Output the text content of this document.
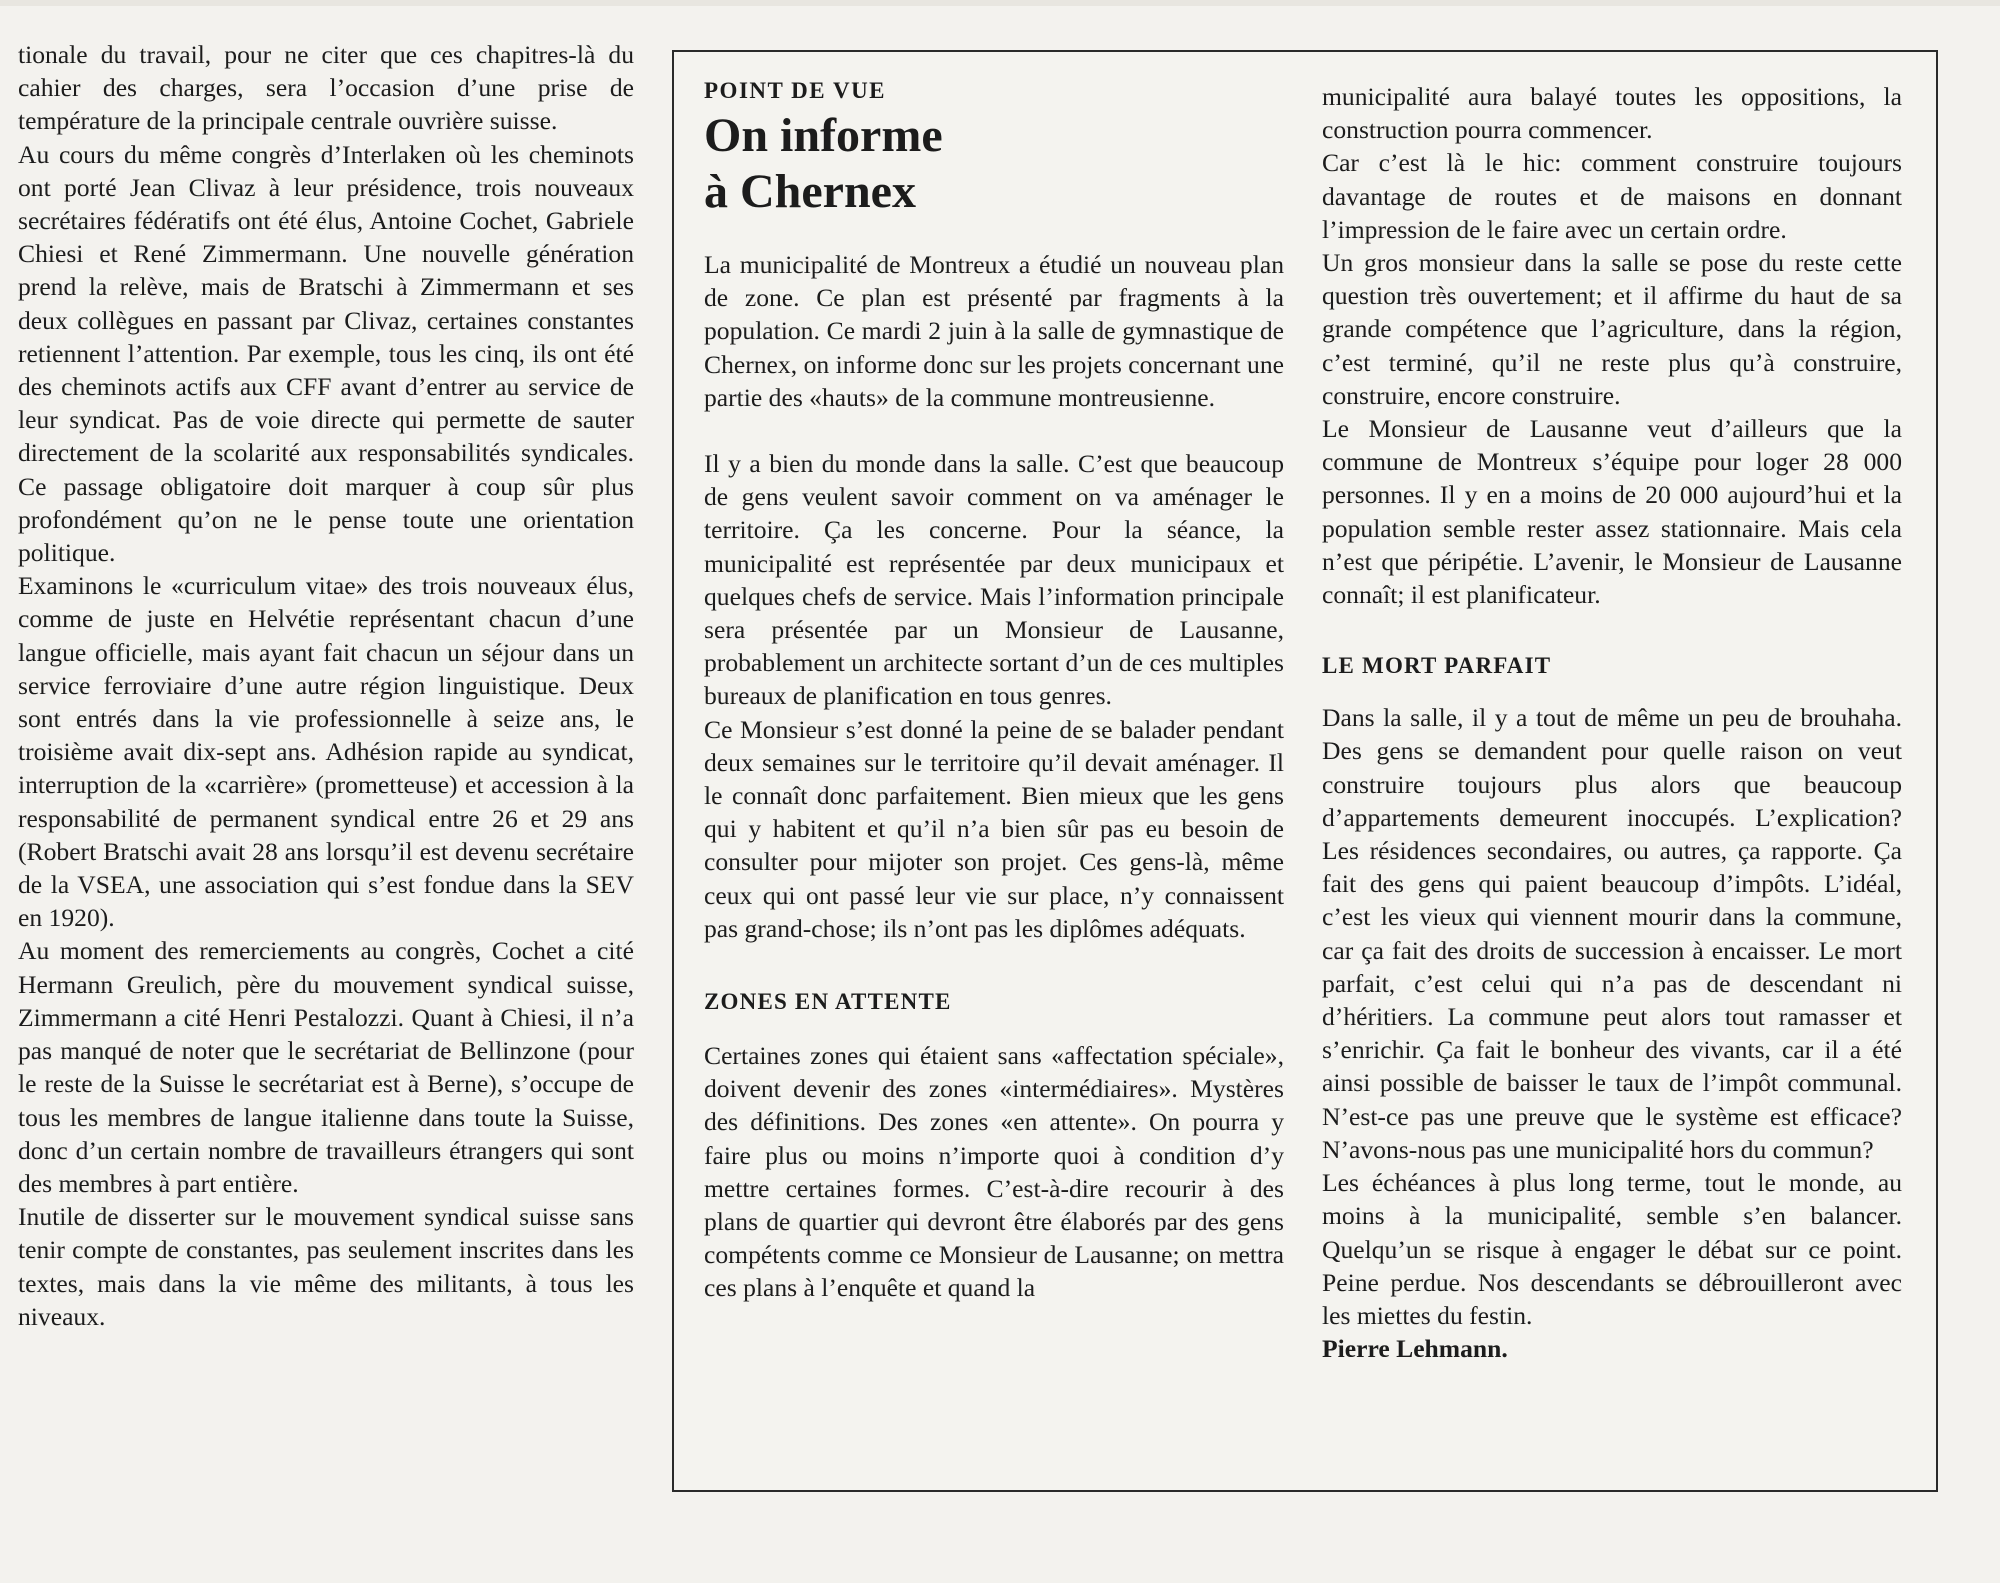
tionale du travail, pour ne citer que ces chapitres-là du cahier des charges, sera l’occasion d’une prise de température de la principale centrale ouvrière suisse.

Au cours du même congrès d’Interlaken où les cheminots ont porté Jean Clivaz à leur présidence, trois nouveaux secrétaires fédératifs ont été élus, Antoine Cochet, Gabriele Chiesi et René Zimmermann. Une nouvelle génération prend la relève, mais de Bratschi à Zimmermann et ses deux collègues en passant par Clivaz, certaines constantes retiennent l’attention. Par exemple, tous les cinq, ils ont été des cheminots actifs aux CFF avant d’entrer au service de leur syndicat. Pas de voie directe qui permette de sauter directement de la scolarité aux responsabilités syndicales. Ce passage obligatoire doit marquer à coup sûr plus profondément qu’on ne le pense toute une orientation politique.

Examinons le «curriculum vitae» des trois nouveaux élus, comme de juste en Helvétie représentant chacun d’une langue officielle, mais ayant fait chacun un séjour dans un service ferroviaire d’une autre région linguistique. Deux sont entrés dans la vie professionnelle à seize ans, le troisième avait dix-sept ans. Adhésion rapide au syndicat, interruption de la «carrière» (prometteuse) et accession à la responsabilité de permanent syndical entre 26 et 29 ans (Robert Bratschi avait 28 ans lorsqu’il est devenu secrétaire de la VSEA, une association qui s’est fondue dans la SEV en 1920).

Au moment des remerciements au congrès, Cochet a cité Hermann Greulich, père du mouvement syndical suisse, Zimmermann a cité Henri Pestalozzi. Quant à Chiesi, il n’a pas manqué de noter que le secrétariat de Bellinzone (pour le reste de la Suisse le secrétariat est à Berne), s’occupe de tous les membres de langue italienne dans toute la Suisse, donc d’un certain nombre de travailleurs étrangers qui sont des membres à part entière.

Inutile de disserter sur le mouvement syndical suisse sans tenir compte de constantes, pas seulement inscrites dans les textes, mais dans la vie même des militants, à tous les niveaux.

POINT DE VUE
On informe
à Chernex

La municipalité de Montreux a étudié un nouveau plan de zone. Ce plan est présenté par fragments à la population. Ce mardi 2 juin à la salle de gymnastique de Chernex, on informe donc sur les projets concernant une partie des «hauts» de la commune montreusienne.

Il y a bien du monde dans la salle. C’est que beaucoup de gens veulent savoir comment on va aménager le territoire. Ça les concerne. Pour la séance, la municipalité est représentée par deux municipaux et quelques chefs de service. Mais l’information principale sera présentée par un Monsieur de Lausanne, probablement un architecte sortant d’un de ces multiples bureaux de planification en tous genres.

Ce Monsieur s’est donné la peine de se balader pendant deux semaines sur le territoire qu’il devait aménager. Il le connaît donc parfaitement. Bien mieux que les gens qui y habitent et qu’il n’a bien sûr pas eu besoin de consulter pour mijoter son projet. Ces gens-là, même ceux qui ont passé leur vie sur place, n’y connaissent pas grand-chose; ils n’ont pas les diplômes adéquats.

ZONES EN ATTENTE

Certaines zones qui étaient sans «affectation spéciale», doivent devenir des zones «intermédiaires». Mystères des définitions. Des zones «en attente». On pourra y faire plus ou moins n’importe quoi à condition d’y mettre certaines formes. C’est-à-dire recourir à des plans de quartier qui devront être élaborés par des gens compétents comme ce Monsieur de Lausanne; on mettra ces plans à l’enquête et quand la

municipalité aura balayé toutes les oppositions, la construction pourra commencer.

Car c’est là le hic: comment construire toujours davantage de routes et de maisons en donnant l’impression de le faire avec un certain ordre.

Un gros monsieur dans la salle se pose du reste cette question très ouvertement; et il affirme du haut de sa grande compétence que l’agriculture, dans la région, c’est terminé, qu’il ne reste plus qu’à construire, construire, encore construire.

Le Monsieur de Lausanne veut d’ailleurs que la commune de Montreux s’équipe pour loger 28 000 personnes. Il y en a moins de 20 000 aujourd’hui et la population semble rester assez stationnaire. Mais cela n’est que péripétie. L’avenir, le Monsieur de Lausanne connaît; il est planificateur.

LE MORT PARFAIT

Dans la salle, il y a tout de même un peu de brouhaha. Des gens se demandent pour quelle raison on veut construire toujours plus alors que beaucoup d’appartements demeurent inoccupés. L’explication? Les résidences secondaires, ou autres, ça rapporte. Ça fait des gens qui paient beaucoup d’impôts. L’idéal, c’est les vieux qui viennent mourir dans la commune, car ça fait des droits de succession à encaisser. Le mort parfait, c’est celui qui n’a pas de descendant ni d’héritiers. La commune peut alors tout ramasser et s’enrichir. Ça fait le bonheur des vivants, car il a été ainsi possible de baisser le taux de l’impôt communal. N’est-ce pas une preuve que le système est efficace? N’avons-nous pas une municipalité hors du commun?

Les échéances à plus long terme, tout le monde, au moins à la municipalité, semble s’en balancer. Quelqu’un se risque à engager le débat sur ce point. Peine perdue. Nos descendants se débrouilleront avec les miettes du festin.

Pierre Lehmann.
